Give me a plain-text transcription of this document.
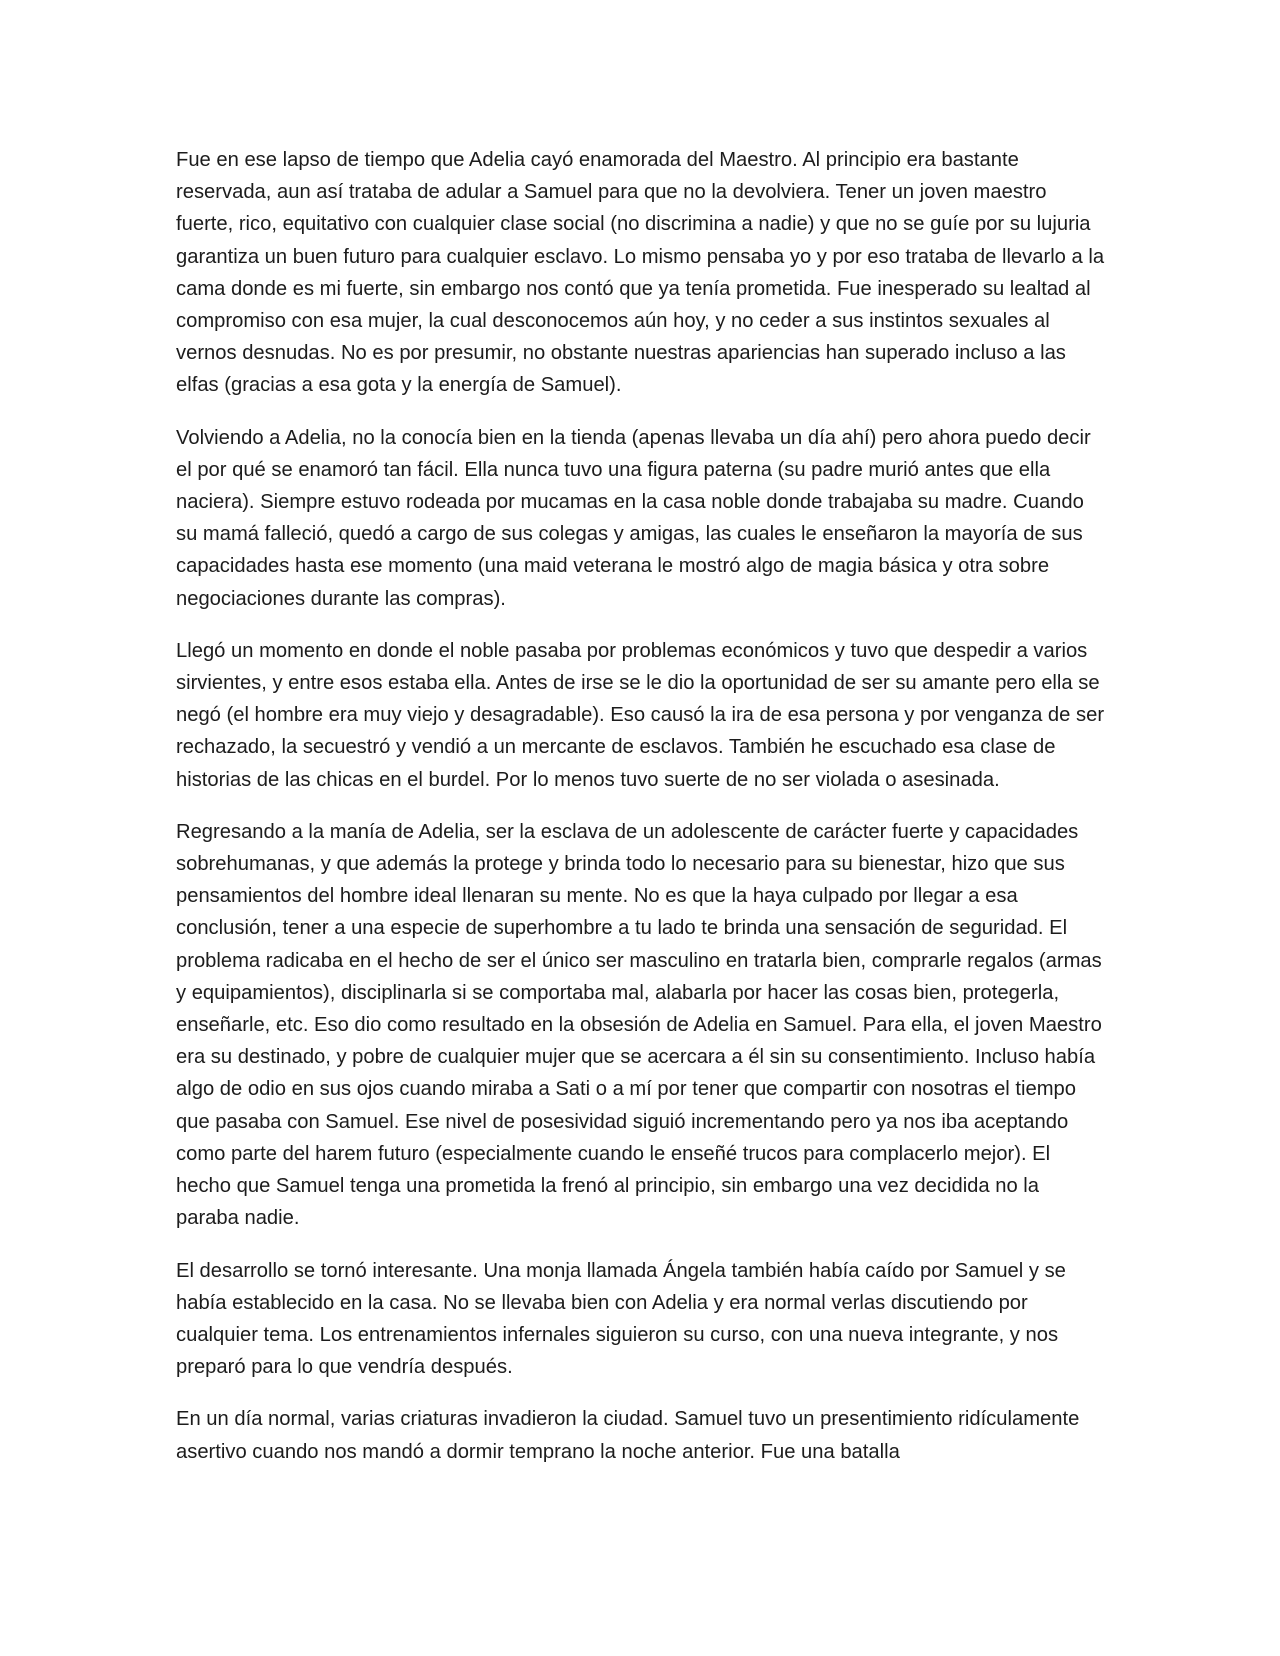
Fue en ese lapso de tiempo que Adelia cayó enamorada del Maestro. Al principio era bastante reservada, aun así trataba de adular a Samuel para que no la devolviera. Tener un joven maestro fuerte, rico, equitativo con cualquier clase social (no discrimina a nadie) y que no se guíe por su lujuria garantiza un buen futuro para cualquier esclavo. Lo mismo pensaba yo y por eso trataba de llevarlo a la cama donde es mi fuerte, sin embargo nos contó que ya tenía prometida. Fue inesperado su lealtad al compromiso con esa mujer, la cual desconocemos aún hoy, y no ceder a sus instintos sexuales al vernos desnudas. No es por presumir, no obstante nuestras apariencias han superado incluso a las elfas (gracias a esa gota y la energía de Samuel).

Volviendo a Adelia, no la conocía bien en la tienda (apenas llevaba un día ahí) pero ahora puedo decir el por qué se enamoró tan fácil. Ella nunca tuvo una figura paterna (su padre murió antes que ella naciera). Siempre estuvo rodeada por mucamas en la casa noble donde trabajaba su madre. Cuando su mamá falleció, quedó a cargo de sus colegas y amigas, las cuales le enseñaron la mayoría de sus capacidades hasta ese momento (una maid veterana le mostró algo de magia básica y otra sobre negociaciones durante las compras).

Llegó un momento en donde el noble pasaba por problemas económicos y tuvo que despedir a varios sirvientes, y entre esos estaba ella. Antes de irse se le dio la oportunidad de ser su amante pero ella se negó (el hombre era muy viejo y desagradable). Eso causó la ira de esa persona y por venganza de ser rechazado, la secuestró y vendió a un mercante de esclavos. También he escuchado esa clase de historias de las chicas en el burdel. Por lo menos tuvo suerte de no ser violada o asesinada.

Regresando a la manía de Adelia, ser la esclava de un adolescente de carácter fuerte y capacidades sobrehumanas, y que además la protege y brinda todo lo necesario para su bienestar, hizo que sus pensamientos del hombre ideal llenaran su mente. No es que la haya culpado por llegar a esa conclusión, tener a una especie de superhombre a tu lado te brinda una sensación de seguridad. El problema radicaba en el hecho de ser el único ser masculino en tratarla bien, comprarle regalos (armas y equipamientos), disciplinarla si se comportaba mal, alabarla por hacer las cosas bien, protegerla, enseñarle, etc. Eso dio como resultado en la obsesión de Adelia en Samuel. Para ella, el joven Maestro era su destinado, y pobre de cualquier mujer que se acercara a él sin su consentimiento. Incluso había algo de odio en sus ojos cuando miraba a Sati o a mí por tener que compartir con nosotras el tiempo que pasaba con Samuel. Ese nivel de posesividad siguió incrementando pero ya nos iba aceptando como parte del harem futuro (especialmente cuando le enseñé trucos para complacerlo mejor). El hecho que Samuel tenga una prometida la frenó al principio, sin embargo una vez decidida no la paraba nadie.

El desarrollo se tornó interesante. Una monja llamada Ángela también había caído por Samuel y se había establecido en la casa. No se llevaba bien con Adelia y era normal verlas discutiendo por cualquier tema. Los entrenamientos infernales siguieron su curso, con una nueva integrante, y nos preparó para lo que vendría después.

En un día normal, varias criaturas invadieron la ciudad. Samuel tuvo un presentimiento ridículamente asertivo cuando nos mandó a dormir temprano la noche anterior. Fue una batalla
